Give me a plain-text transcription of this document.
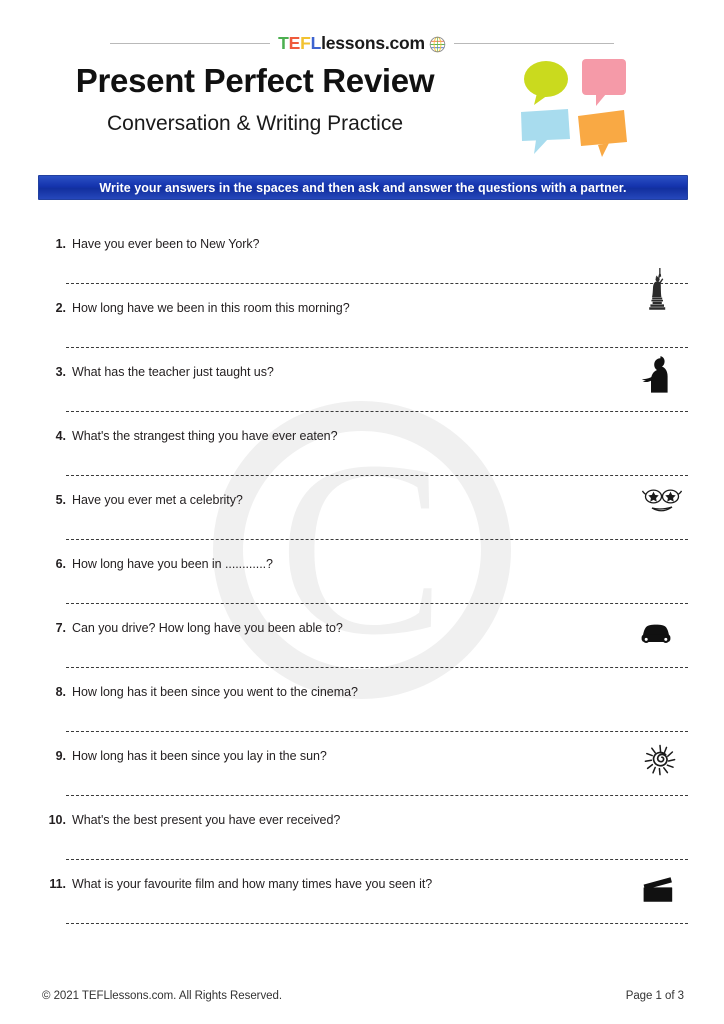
C
T E F L lessons.com
Present Perfect Review
Conversation & Writing Practice
Write your answers in the spaces and then ask and answer the questions with a partner.
1. Have you ever been to New York?
2. How long have we been in this room this morning?
3. What has the teacher just taught us?
4. What's the strangest thing you have ever eaten?
5. Have you ever met a celebrity?
6. How long have you been in ............?
7. Can you drive? How long have you been able to?
8. How long has it been since you went to the cinema?
9. How long has it been since you lay in the sun?
10. What's the best present you have ever received?
11. What is your favourite film and how many times have you seen it?
© 2021 TEFLlessons.com. All Rights Reserved.	Page 1 of 3
